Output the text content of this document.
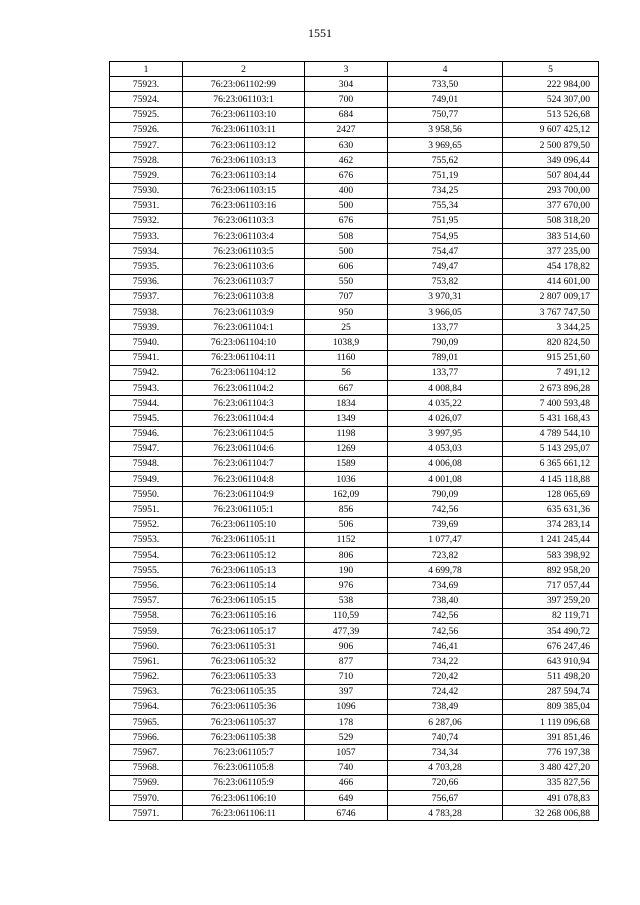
1551
1	2	3	4	5
75923.	76:23:061102:99	304	733,50	222 984,00
75924.	76:23:061103:1	700	749,01	524 307,00
75925.	76:23:061103:10	684	750,77	513 526,68
75926.	76:23:061103:11	2427	3 958,56	9 607 425,12
75927.	76:23:061103:12	630	3 969,65	2 500 879,50
75928.	76:23:061103:13	462	755,62	349 096,44
75929.	76:23:061103:14	676	751,19	507 804,44
75930.	76:23:061103:15	400	734,25	293 700,00
75931.	76:23:061103:16	500	755,34	377 670,00
75932.	76:23:061103:3	676	751,95	508 318,20
75933.	76:23:061103:4	508	754,95	383 514,60
75934.	76:23:061103:5	500	754,47	377 235,00
75935.	76:23:061103:6	606	749,47	454 178,82
75936.	76:23:061103:7	550	753,82	414 601,00
75937.	76:23:061103:8	707	3 970,31	2 807 009,17
75938.	76:23:061103:9	950	3 966,05	3 767 747,50
75939.	76:23:061104:1	25	133,77	3 344,25
75940.	76:23:061104:10	1038,9	790,09	820 824,50
75941.	76:23:061104:11	1160	789,01	915 251,60
75942.	76:23:061104:12	56	133,77	7 491,12
75943.	76:23:061104:2	667	4 008,84	2 673 896,28
75944.	76:23:061104:3	1834	4 035,22	7 400 593,48
75945.	76:23:061104:4	1349	4 026,07	5 431 168,43
75946.	76:23:061104:5	1198	3 997,95	4 789 544,10
75947.	76:23:061104:6	1269	4 053,03	5 143 295,07
75948.	76:23:061104:7	1589	4 006,08	6 365 661,12
75949.	76:23:061104:8	1036	4 001,08	4 145 118,88
75950.	76:23:061104:9	162,09	790,09	128 065,69
75951.	76:23:061105:1	856	742,56	635 631,36
75952.	76:23:061105:10	506	739,69	374 283,14
75953.	76:23:061105:11	1152	1 077,47	1 241 245,44
75954.	76:23:061105:12	806	723,82	583 398,92
75955.	76:23:061105:13	190	4 699,78	892 958,20
75956.	76:23:061105:14	976	734,69	717 057,44
75957.	76:23:061105:15	538	738,40	397 259,20
75958.	76:23:061105:16	110,59	742,56	82 119,71
75959.	76:23:061105:17	477,39	742,56	354 490,72
75960.	76:23:061105:31	906	746,41	676 247,46
75961.	76:23:061105:32	877	734,22	643 910,94
75962.	76:23:061105:33	710	720,42	511 498,20
75963.	76:23:061105:35	397	724,42	287 594,74
75964.	76:23:061105:36	1096	738,49	809 385,04
75965.	76:23:061105:37	178	6 287,06	1 119 096,68
75966.	76:23:061105:38	529	740,74	391 851,46
75967.	76:23:061105:7	1057	734,34	776 197,38
75968.	76:23:061105:8	740	4 703,28	3 480 427,20
75969.	76:23:061105:9	466	720,66	335 827,56
75970.	76:23:061106:10	649	756,67	491 078,83
75971.	76:23:061106:11	6746	4 783,28	32 268 006,88
